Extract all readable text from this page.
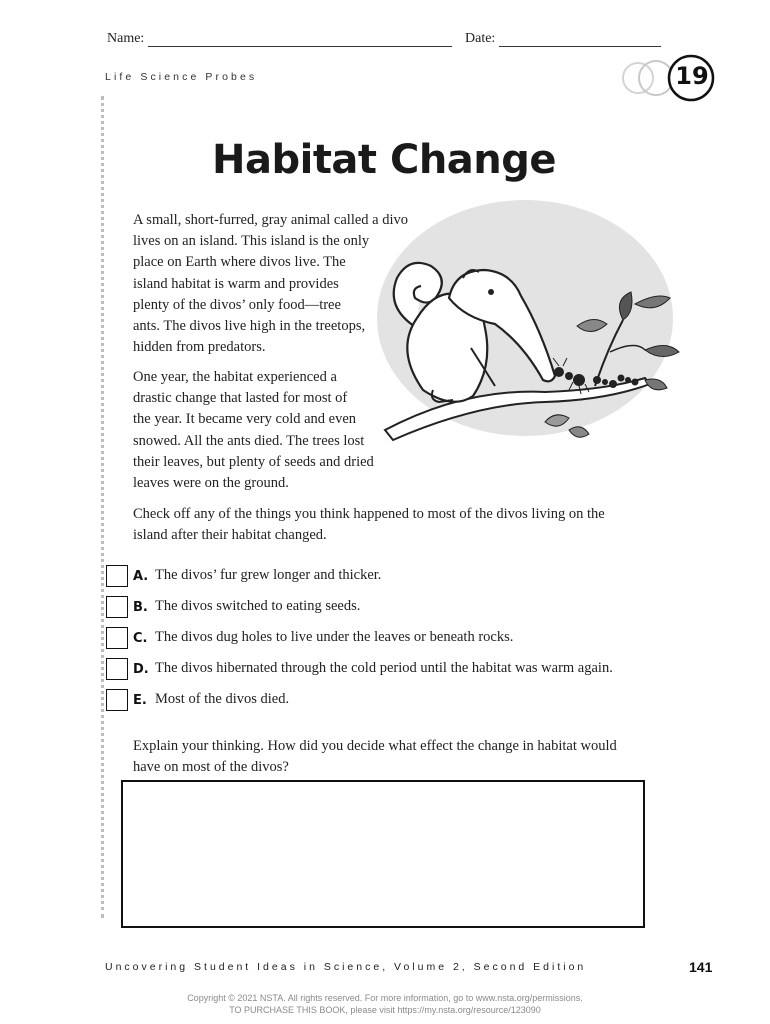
Name:	Date:
Life Science Probes	19
Habitat Change
A small, short-furred, gray animal called a divo
lives on an island. This island is the only
place on Earth where divos live. The
island habitat is warm and provides
plenty of the divos’ only food—tree
ants. The divos live high in the treetops,
hidden from predators.
One year, the habitat experienced a
drastic change that lasted for most of
the year. It became very cold and even
snowed. All the ants died. The trees lost
their leaves, but plenty of seeds and dried
leaves were on the ground.
Check off any of the things you think happened to most of the divos living on the
island after their habitat changed.
A. The divos’ fur grew longer and thicker.
B. The divos switched to eating seeds.
C. The divos dug holes to live under the leaves or beneath rocks.
D. The divos hibernated through the cold period until the habitat was warm again.
E. Most of the divos died.
Explain your thinking. How did you decide what effect the change in habitat would
have on most of the divos?
Uncovering Student Ideas in Science, Volume 2, Second Edition	141
Copyright © 2021 NSTA. All rights reserved. For more information, go to www.nsta.org/permissions.
TO PURCHASE THIS BOOK, please visit https://my.nsta.org/resource/123090
